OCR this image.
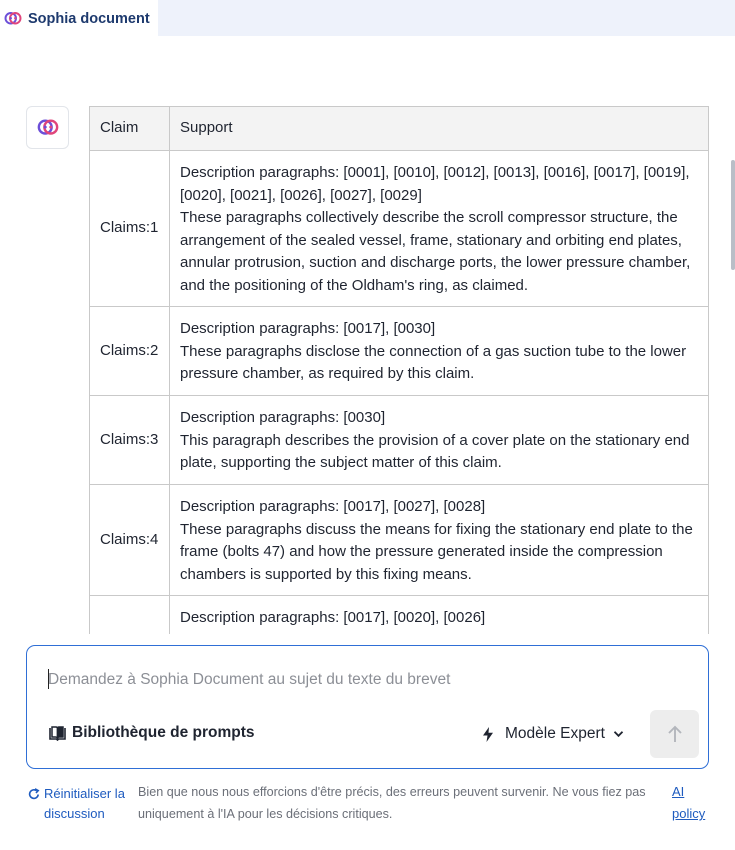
Sophia document
Claim	Support
Claims:1	Description paragraphs: [0001], [0010], [0012], [0013], [0016], [0017], [0019], [0020], [0021], [0026], [0027], [0029]
These paragraphs collectively describe the scroll compressor structure, the arrangement of the sealed vessel, frame, stationary and orbiting end plates, annular protrusion, suction and discharge ports, the lower pressure chamber, and the positioning of the Oldham's ring, as claimed.

Claims:2	Description paragraphs: [0017], [0030]
These paragraphs disclose the connection of a gas suction tube to the lower pressure chamber, as required by this claim.

Claims:3	Description paragraphs: [0030]
This paragraph describes the provision of a cover plate on the stationary end plate, supporting the subject matter of this claim.

Claims:4	Description paragraphs: [0017], [0027], [0028]
These paragraphs discuss the means for fixing the stationary end plate to the frame (bolts 47) and how the pressure generated inside the compression chambers is supported by this fixing means.

	Description paragraphs: [0017], [0020], [0026]
Demandez à Sophia Document au sujet du texte du brevet
Bibliothèque de prompts	Modèle Expert
Réinitialiser la discussion
Bien que nous nous efforcions d'être précis, des erreurs peuvent survenir. Ne vous fiez pas uniquement à l'IA pour les décisions critiques.
AI policy
